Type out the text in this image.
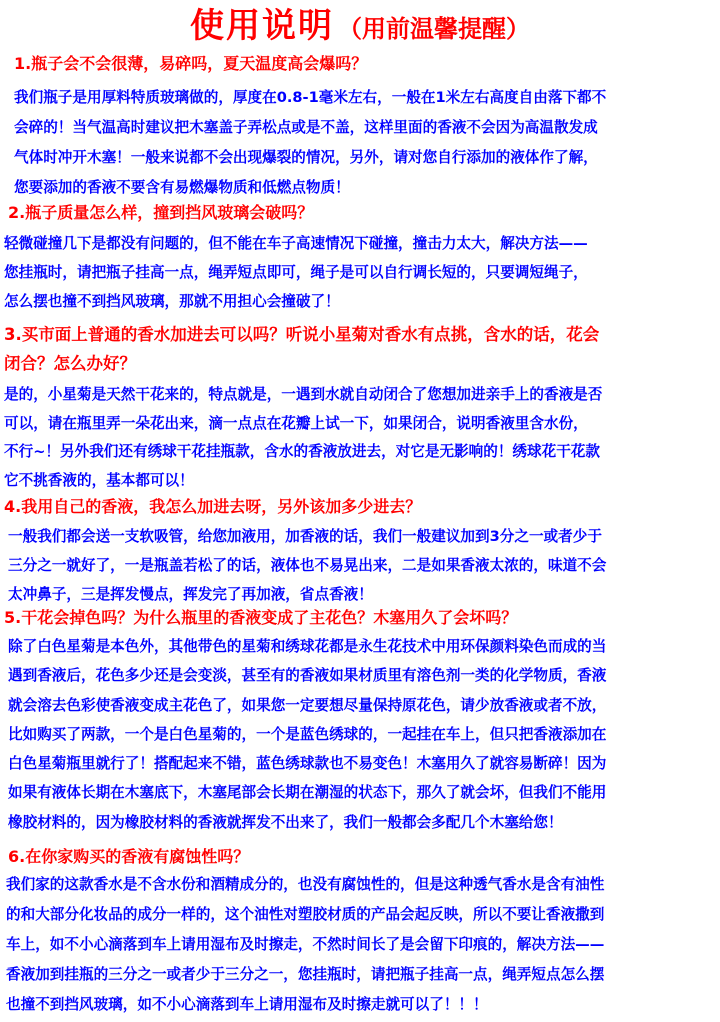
使用说明 （用前温馨提醒）
1.瓶子会不会很薄，易碎吗，夏天温度高会爆吗？
我们瓶子是用厚料特质玻璃做的，厚度在0.8-1毫米左右，一般在1米左右高度自由落下都不
会碎的！当气温高时建议把木塞盖子弄松点或是不盖，这样里面的香液不会因为高温散发成
气体时冲开木塞！一般来说都不会出现爆裂的情况，另外，请对您自行添加的液体作了解，
您要添加的香液不要含有易燃爆物质和低燃点物质！
2.瓶子质量怎么样，撞到挡风玻璃会破吗？
轻微碰撞几下是都没有问题的，但不能在车子高速情况下碰撞，撞击力太大，解决方法——
您挂瓶时，请把瓶子挂高一点，绳弄短点即可，绳子是可以自行调长短的，只要调短绳子，
怎么摆也撞不到挡风玻璃，那就不用担心会撞破了！
3.买市面上普通的香水加进去可以吗？听说小星菊对香水有点挑，含水的话，花会
闭合？怎么办好？
是的，小星菊是天然干花来的，特点就是，一遇到水就自动闭合了您想加进亲手上的香液是否
可以，请在瓶里弄一朵花出来，滴一点点在花瓣上试一下，如果闭合，说明香液里含水份，
不行~！另外我们还有绣球干花挂瓶款，含水的香液放进去，对它是无影响的！绣球花干花款
它不挑香液的，基本都可以！
4.我用自己的香液，我怎么加进去呀，另外该加多少进去？
一般我们都会送一支软吸管，给您加液用，加香液的话，我们一般建议加到3分之一或者少于
三分之一就好了，一是瓶盖若松了的话，液体也不易晃出来，二是如果香液太浓的，味道不会
太冲鼻子，三是挥发慢点，挥发完了再加液，省点香液！
5.干花会掉色吗？为什么瓶里的香液变成了主花色？木塞用久了会坏吗？
除了白色星菊是本色外，其他带色的星菊和绣球花都是永生花技术中用环保颜料染色而成的当
遇到香液后，花色多少还是会变淡，甚至有的香液如果材质里有溶色剂一类的化学物质，香液
就会溶去色彩使香液变成主花色了，如果您一定要想尽量保持原花色，请少放香液或者不放，
比如购买了两款，一个是白色星菊的，一个是蓝色绣球的，一起挂在车上，但只把香液添加在
白色星菊瓶里就行了！搭配起来不错，蓝色绣球款也不易变色！木塞用久了就容易断碎！因为
如果有液体长期在木塞底下，木塞尾部会长期在潮湿的状态下，那久了就会坏，但我们不能用
橡胶材料的，因为橡胶材料的香液就挥发不出来了，我们一般都会多配几个木塞给您！
6.在你家购买的香液有腐蚀性吗？
我们家的这款香水是不含水份和酒精成分的，也没有腐蚀性的，但是这种透气香水是含有油性
的和大部分化妆品的成分一样的，这个油性对塑胶材质的产品会起反映，所以不要让香液撒到
车上，如不小心滴落到车上请用湿布及时擦走，不然时间长了是会留下印痕的，解决方法——
香液加到挂瓶的三分之一或者少于三分之一，您挂瓶时，请把瓶子挂高一点，绳弄短点怎么摆
也撞不到挡风玻璃，如不小心滴落到车上请用湿布及时擦走就可以了！！！
